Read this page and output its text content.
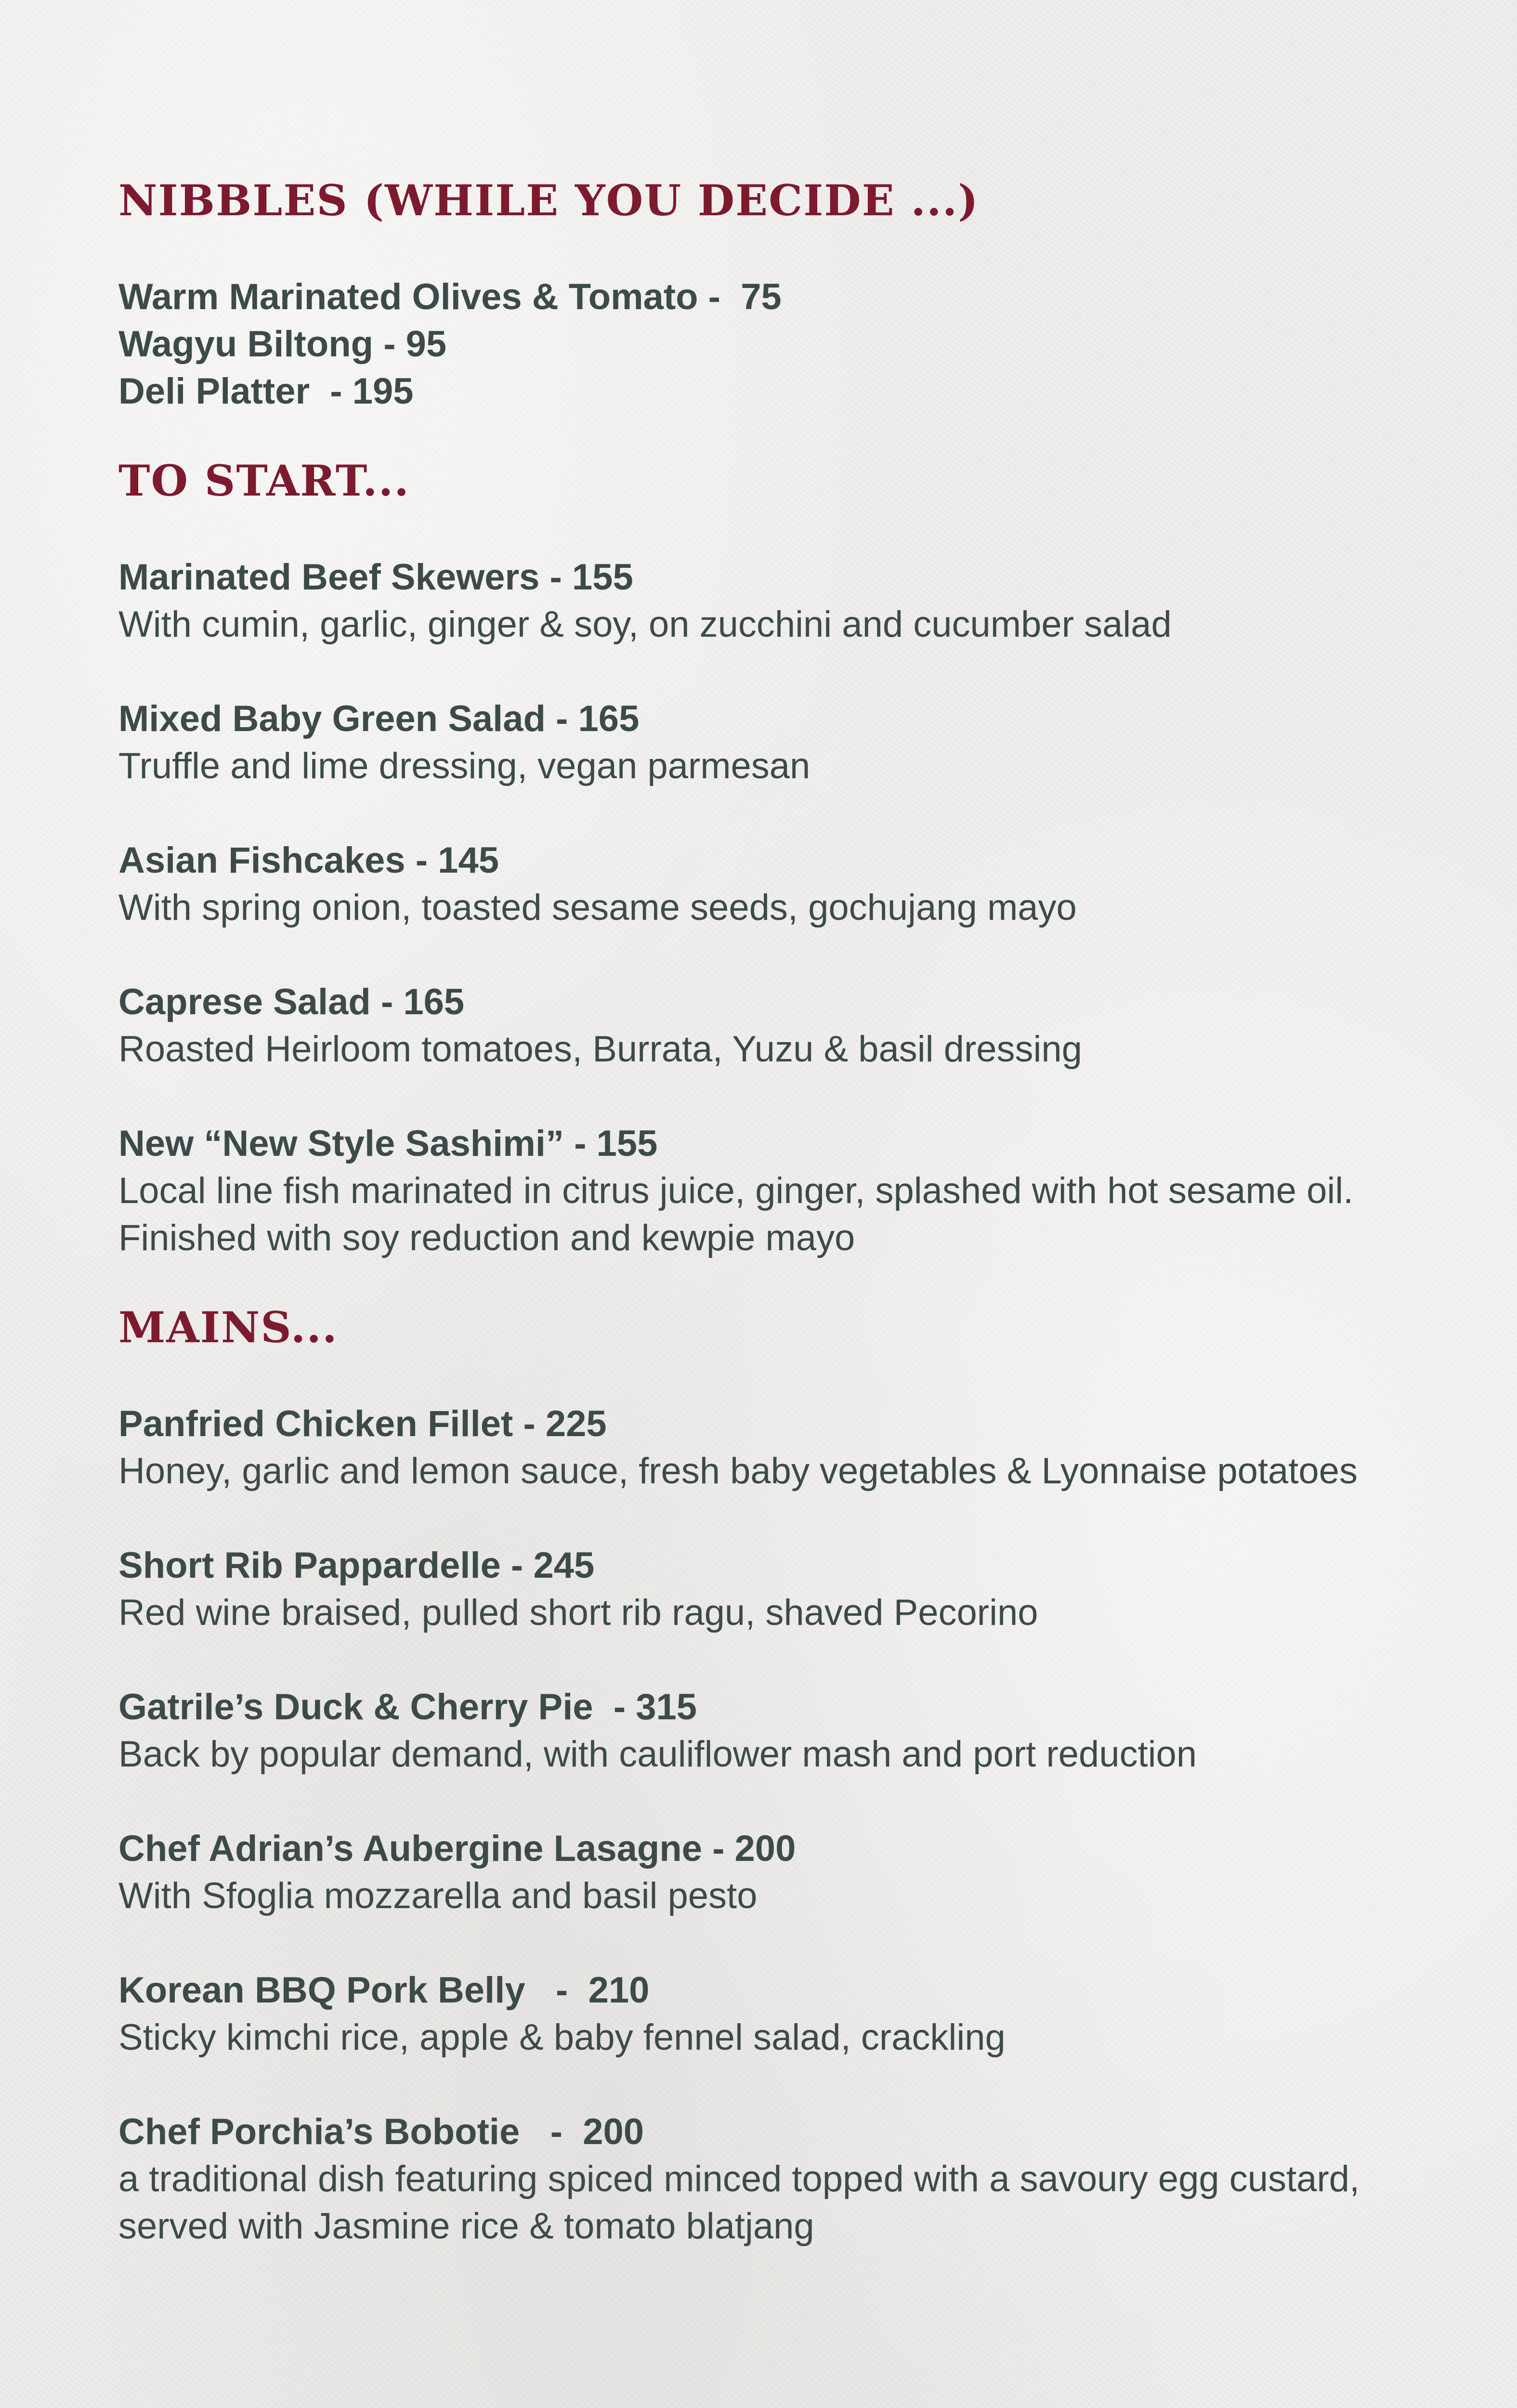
NIBBLES (WHILE YOU DECIDE ...)

Warm Marinated Olives & Tomato -  75

Wagyu Biltong - 95

Deli Platter  - 195

TO START...

Marinated Beef Skewers - 155

With cumin, garlic, ginger & soy, on zucchini and cucumber salad

Mixed Baby Green Salad - 165

Truffle and lime dressing, vegan parmesan

Asian Fishcakes - 145

With spring onion, toasted sesame seeds, gochujang mayo

Caprese Salad - 165

Roasted Heirloom tomatoes, Burrata, Yuzu & basil dressing

New “New Style Sashimi” - 155

Local line fish marinated in citrus juice, ginger, splashed with hot sesame oil. Finished with soy reduction and kewpie mayo

MAINS...

Panfried Chicken Fillet - 225

Honey, garlic and lemon sauce, fresh baby vegetables & Lyonnaise potatoes

Short Rib Pappardelle - 245

Red wine braised, pulled short rib ragu, shaved Pecorino

Gatrile’s Duck & Cherry Pie  - 315

Back by popular demand, with cauliflower mash and port reduction

Chef Adrian’s Aubergine Lasagne - 200

With Sfoglia mozzarella and basil pesto

Korean BBQ Pork Belly   -  210

Sticky kimchi rice, apple & baby fennel salad, crackling

Chef Porchia’s Bobotie   -  200

a traditional dish featuring spiced minced topped with a savoury egg custard, served with Jasmine rice & tomato blatjang
